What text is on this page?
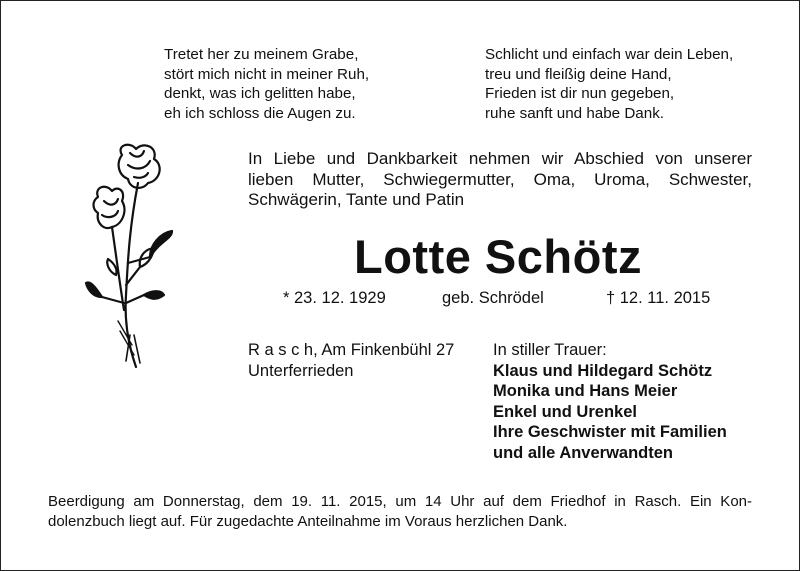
Tretet her zu meinem Grabe,
stört mich nicht in meiner Ruh,
denkt, was ich gelitten habe,
eh ich schloss die Augen zu.
Schlicht und einfach war dein Leben,
treu und fleißig deine Hand,
Frieden ist dir nun gegeben,
ruhe sanft und habe Dank.
In Liebe und Dankbarkeit nehmen wir Abschied von unserer
lieben Mutter, Schwiegermutter, Oma, Uroma, Schwester,
Schwägerin, Tante und Patin
Lotte Schötz
* 23. 12. 1929	geb. Schrödel	† 12. 11. 2015
R a s c h, Am Finkenbühl 27
Unterferrieden
In stiller Trauer:
Klaus und Hildegard Schötz
Monika und Hans Meier
Enkel und Urenkel
Ihre Geschwister mit Familien
und alle Anverwandten
Beerdigung am Donnerstag, dem 19. 11. 2015, um 14 Uhr auf dem Friedhof in Rasch. Ein Kon-
dolenzbuch liegt auf. Für zugedachte Anteilnahme im Voraus herzlichen Dank.
